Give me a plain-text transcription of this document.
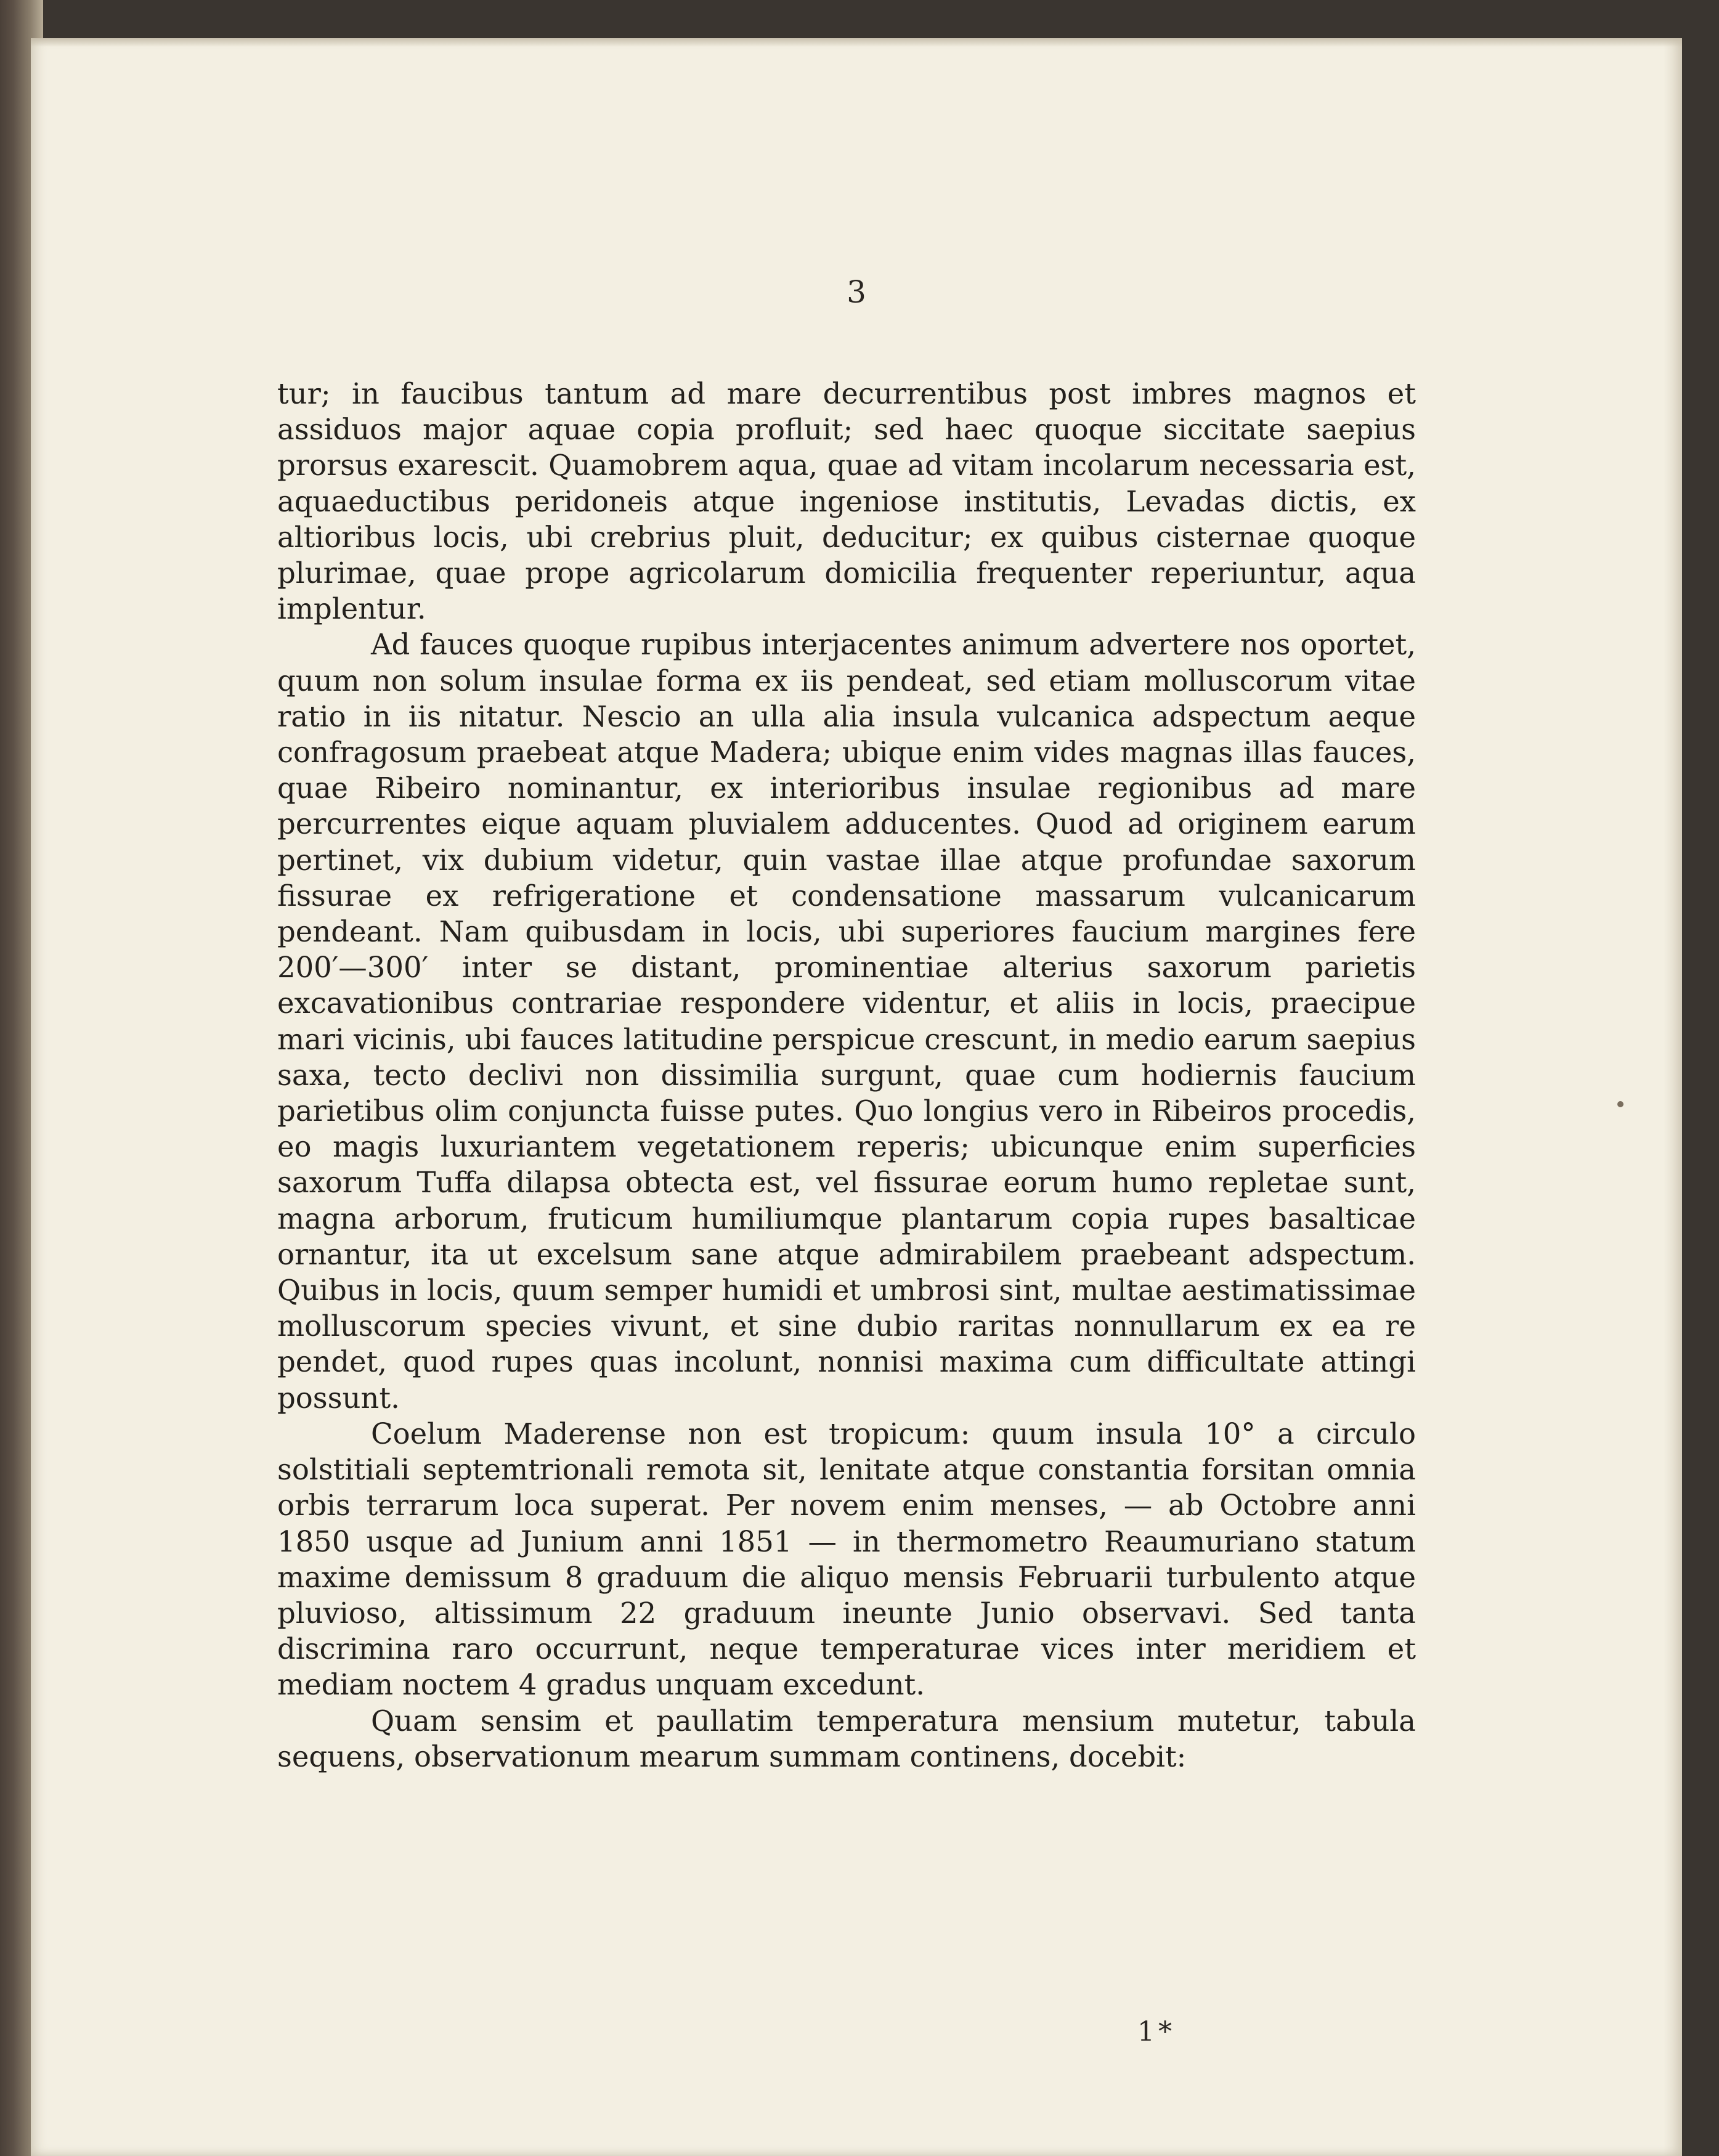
3

tur; in faucibus tantum ad mare decurrentibus post imbres magnos et assiduos major aquae copia profluit; sed haec quoque siccitate saepius prorsus exarescit. Quamobrem aqua, quae ad vitam incolarum necessaria est, aquaeductibus peridoneis atque ingeniose institutis, Levadas dictis, ex altioribus locis, ubi crebrius pluit, deducitur; ex quibus cisternae quoque plurimae, quae prope agricolarum domicilia frequenter reperiuntur, aqua implentur.

Ad fauces quoque rupibus interjacentes animum advertere nos oportet, quum non solum insulae forma ex iis pendeat, sed etiam molluscorum vitae ratio in iis nitatur. Nescio an ulla alia insula vulcanica adspectum aeque confragosum praebeat atque Madera; ubique enim vides magnas illas fauces, quae Ribeiro nominantur, ex interioribus insulae regionibus ad mare percurrentes eique aquam pluvialem adducentes. Quod ad originem earum pertinet, vix dubium videtur, quin vastae illae atque profundae saxorum fissurae ex refrigeratione et condensatione massarum vulcanicarum pendeant. Nam quibusdam in locis, ubi superiores faucium margines fere 200′—300′ inter se distant, prominentiae alterius saxorum parietis excavationibus contrariae respondere videntur, et aliis in locis, praecipue mari vicinis, ubi fauces latitudine perspicue crescunt, in medio earum saepius saxa, tecto declivi non dissimilia surgunt, quae cum hodiernis faucium parietibus olim conjuncta fuisse putes. Quo longius vero in Ribeiros procedis, eo magis luxuriantem vegetationem reperis; ubicunque enim superficies saxorum Tuffa dilapsa obtecta est, vel fissurae eorum humo repletae sunt, magna arborum, fruticum humiliumque plantarum copia rupes basalticae ornantur, ita ut excelsum sane atque admirabilem praebeant adspectum. Quibus in locis, quum semper humidi et umbrosi sint, multae aestimatissimae molluscorum species vivunt, et sine dubio raritas nonnullarum ex ea re pendet, quod rupes quas incolunt, nonnisi maxima cum difficultate attingi possunt.

Coelum Maderense non est tropicum: quum insula 10° a circulo solstitiali septemtrionali remota sit, lenitate atque constantia forsitan omnia orbis terrarum loca superat. Per novem enim menses, — ab Octobre anni 1850 usque ad Junium anni 1851 — in thermometro Reaumuriano statum maxime demissum 8 graduum die aliquo mensis Februarii turbulento atque pluvioso, altissimum 22 graduum ineunte Junio observavi. Sed tanta discrimina raro occurrunt, neque temperaturae vices inter meridiem et mediam noctem 4 gradus unquam excedunt.

Quam sensim et paullatim temperatura mensium mutetur, tabula sequens, observationum mearum summam continens, docebit:

1*
